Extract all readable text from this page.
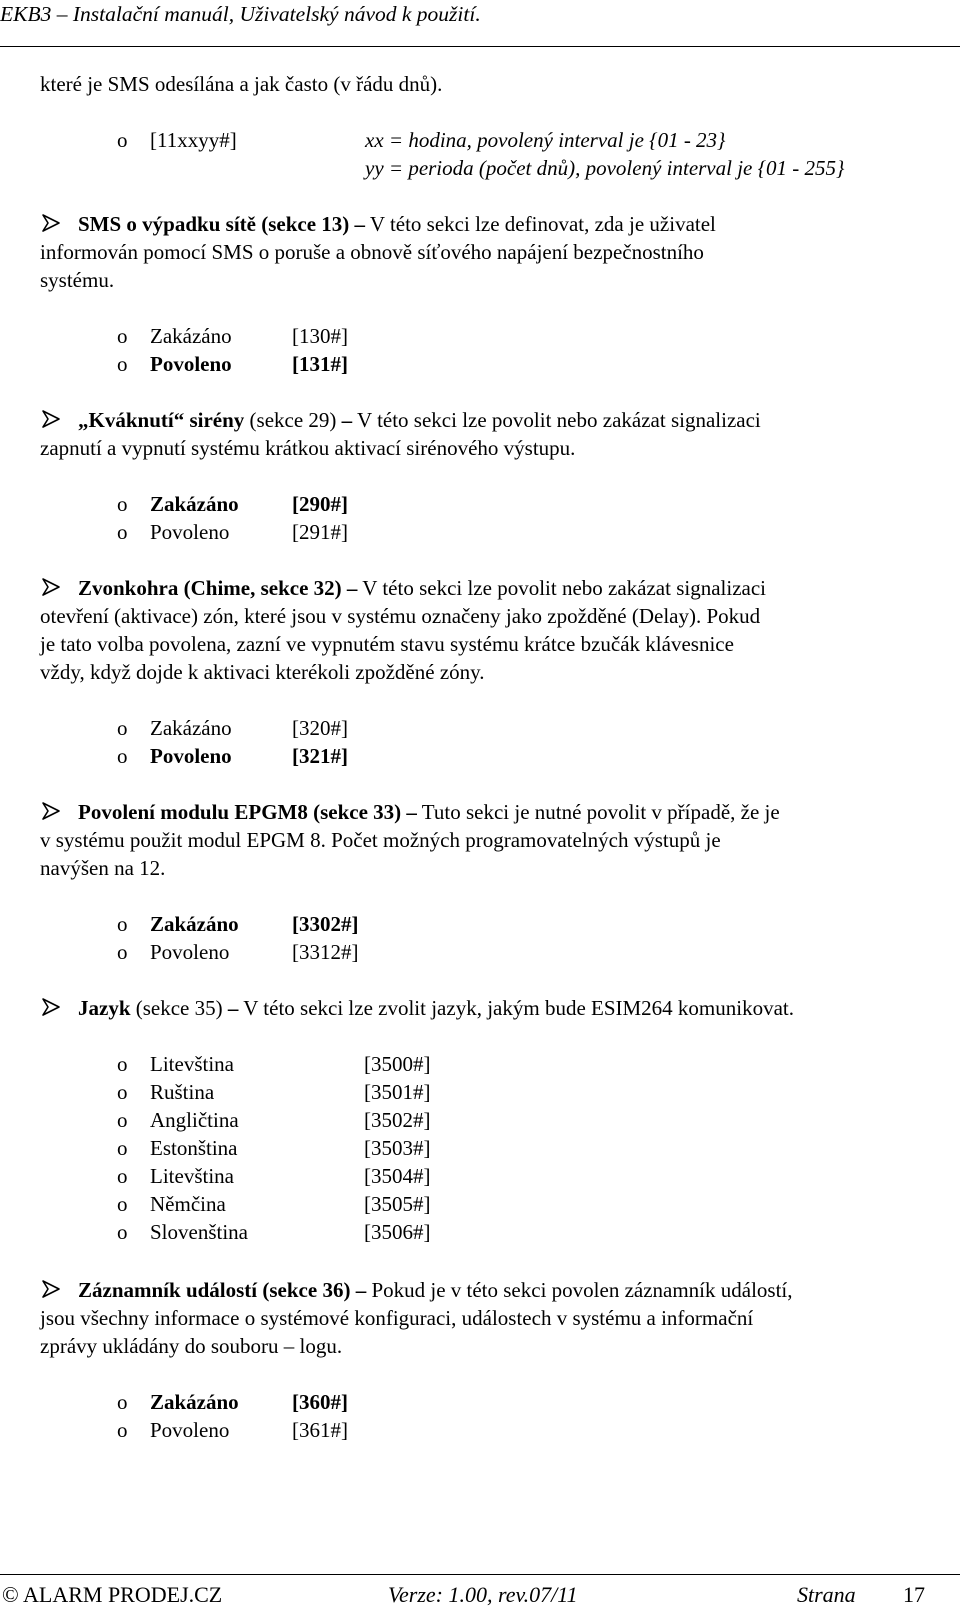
EKB3 – Instalační manuál, Uživatelský návod k použití.
které je SMS odesílána a jak často (v řádu dnů).
o [11xxyy#]	xx = hodina, povolený interval je {01 - 23}
yy = perioda (počet dnů), povolený interval je {01 - 255}
SMS o výpadku sítě (sekce 13) – V této sekci lze definovat, zda je uživatel
informován pomocí SMS o poruše a obnově síťového napájení bezpečnostního
systému.
o Zakázáno	[130#]
o Povoleno	[131#]
„Kváknutí“ sirény (sekce 29) – V této sekci lze povolit nebo zakázat signalizaci
zapnutí a vypnutí systému krátkou aktivací sirénového výstupu.
o Zakázáno	[290#]
o Povoleno	[291#]
Zvonkohra (Chime, sekce 32) – V této sekci lze povolit nebo zakázat signalizaci
otevření (aktivace) zón, které jsou v systému označeny jako zpožděné (Delay). Pokud
je tato volba povolena, zazní ve vypnutém stavu systému krátce bzučák klávesnice
vždy, když dojde k aktivaci kterékoli zpožděné zóny.
o Zakázáno	[320#]
o Povoleno	[321#]
Povolení modulu EPGM8 (sekce 33) – Tuto sekci je nutné povolit v případě, že je
v systému použit modul EPGM 8. Počet možných programovatelných výstupů je
navýšen na 12.
o Zakázáno	[3302#]
o Povoleno	[3312#]
Jazyk (sekce 35) – V této sekci lze zvolit jazyk, jakým bude ESIM264 komunikovat.
o Litevština	[3500#]
o Ruština	[3501#]
o Angličtina	[3502#]
o Estonština	[3503#]
o Litevština	[3504#]
o Němčina	[3505#]
o Slovenština	[3506#]
Záznamník událostí (sekce 36) – Pokud je v této sekci povolen záznamník událostí,
jsou všechny informace o systémové konfiguraci, událostech v systému a informační
zprávy ukládány do souboru – logu.
o Zakázáno	[360#]
o Povoleno	[361#]
© ALARM PRODEJ.CZ	Verze: 1.00, rev.07/11	Strana 17
